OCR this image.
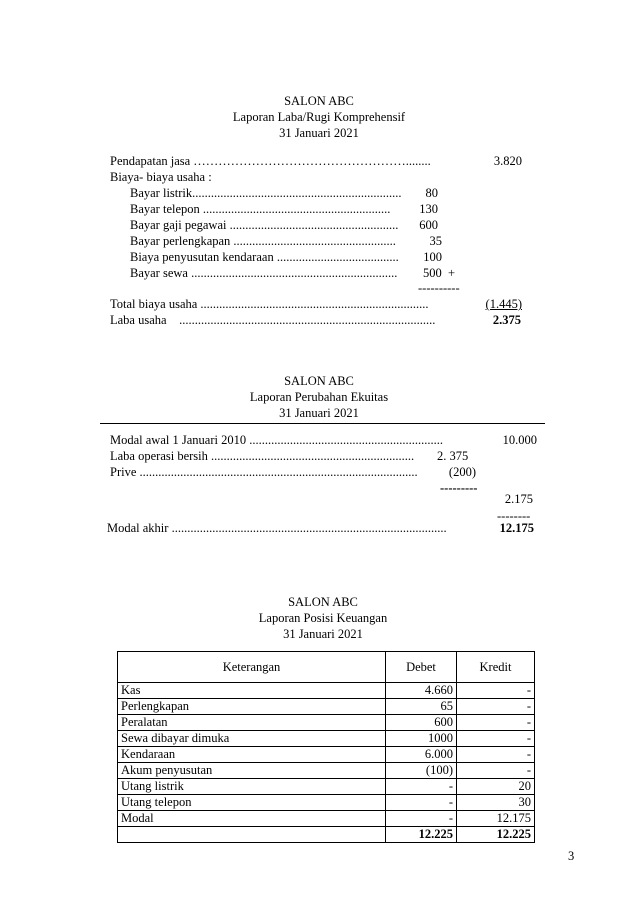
SALON ABC
Laporan Laba/Rugi Komprehensif
31 Januari 2021
Pendapatan jasa ……………………………………………........	3.820
Biaya- biaya usaha :
Bayar listrik...................................................................	80
Bayar telepon ............................................................	130
Bayar gaji pegawai ......................................................	600
Bayar perlengkapan ....................................................	35
Biaya penyusutan kendaraan .......................................	100
Bayar sewa .................................................................. 500  +
----------
Total biaya usaha .........................................................................	(1.445)
Laba usaha    ..................................................................................	2.375
SALON ABC
Laporan Perubahan Ekuitas
31 Januari 2021
Modal awal 1 Januari 2010 ..............................................................	10.000
Laba operasi bersih ................................................................. 2. 375
Prive .........................................................................................	(200)
---------
2.175
--------
Modal akhir ........................................................................................	12.175
SALON ABC
Laporan Posisi Keuangan
31 Januari 2021
Keterangan	Debet	Kredit
Kas	4.660	-
Perlengkapan	65	-
Peralatan	600	-
Sewa dibayar dimuka	1000	-
Kendaraan	6.000	-
Akum penyusutan	(100)	-
Utang listrik	-	20
Utang telepon	-	30
Modal	-	12.175
	12.225	12.225
3
